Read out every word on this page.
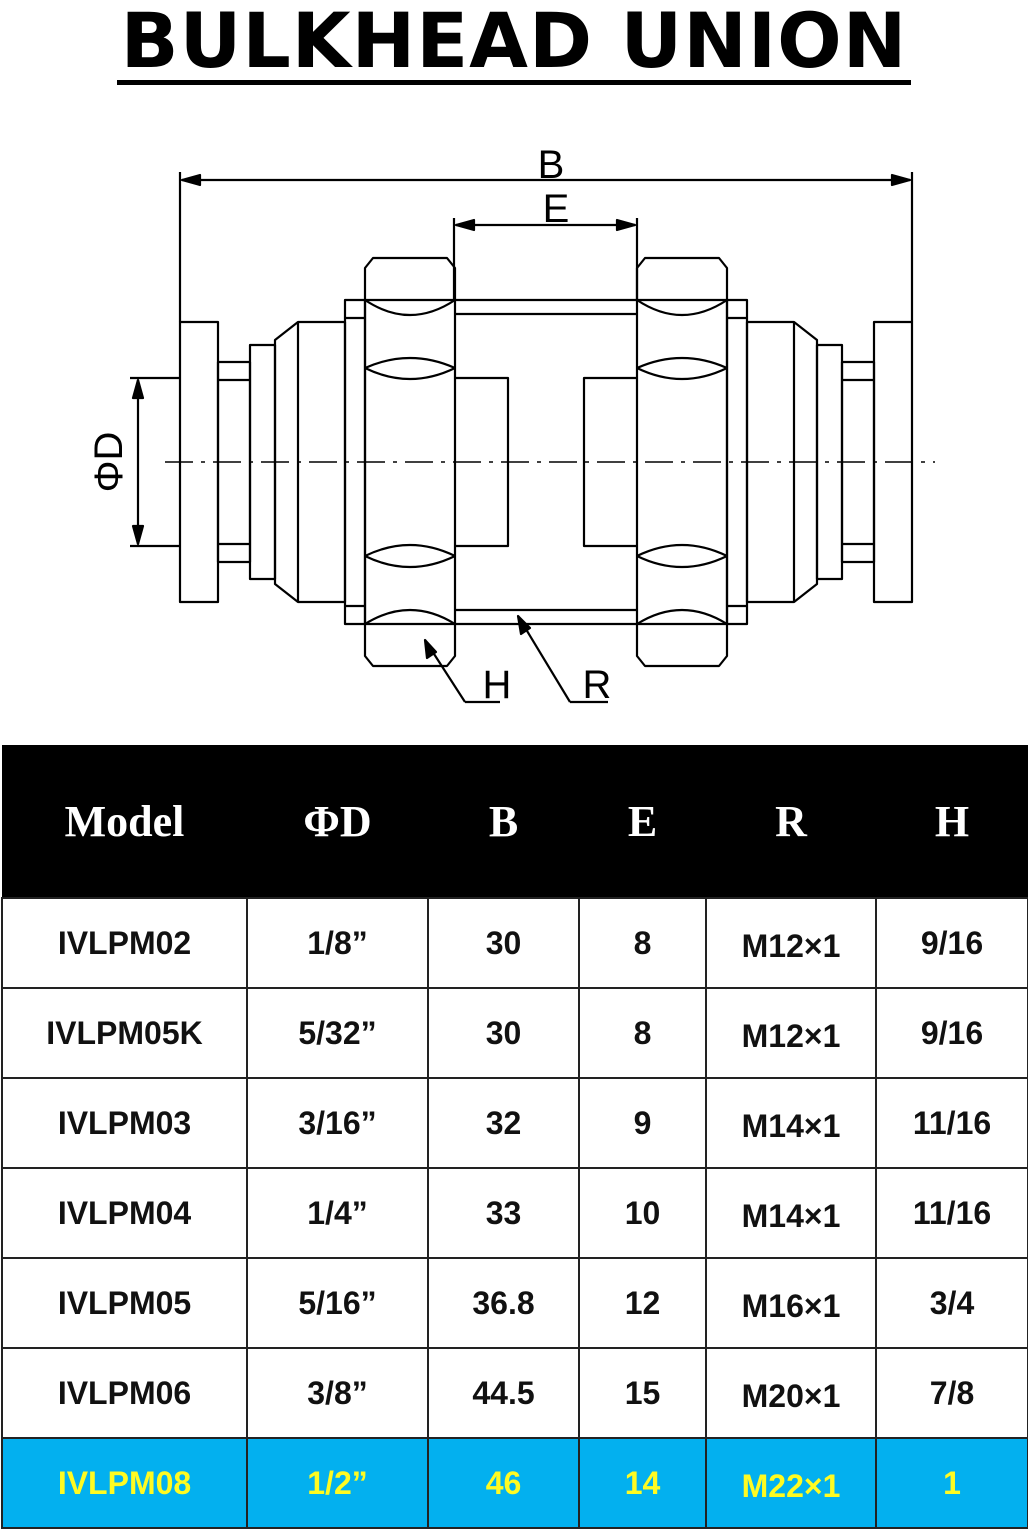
BULKHEAD UNION
B
E
ΦD
H R
Model	ΦD	B	E	R	H
IVLPM02	1/8”	30	8	M12×1	9/16
IVLPM05K	5/32”	30	8	M12×1	9/16
IVLPM03	3/16”	32	9	M14×1	11/16
IVLPM04	1/4”	33	10	M14×1	11/16
IVLPM05	5/16”	36.8	12	M16×1	3/4
IVLPM06	3/8”	44.5	15	M20×1	7/8
IVLPM08	1/2”	46	14	M22×1	1
